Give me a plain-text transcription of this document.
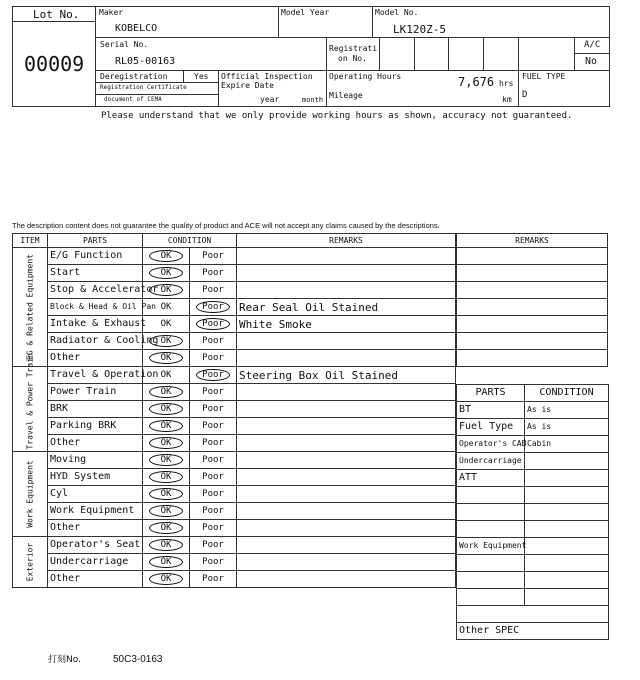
Lot No.
00009
Maker
KOBELCO
Model Year	Model No.
LK120Z-5
Serial No.
RL05-00163
Registrati
on No.
A/C
No
Deregistration	Yes
Registration Certificate
document of CEMA
Official Inspection
Expire Date
year	month
Operating Hours	7,676 hrs
Mileage	km
FUEL TYPE
D
Please understand that we only provide working hours as shown, accuracy not guaranteed.
The description content does not guarantee the quality of product and ACE will not accept any claims caused by the descriptions.
ITEM	PARTS	CONDITION		REMARKS

EG & Related Equipment	E/G Function	OK	Poor	
	Start	OK	Poor	
	Stop & Accelerator	OK	Poor	
	Block & Head & Oil Pan	OK	Poor	Rear Seal Oil Stained
	Intake & Exhaust	OK	Poor	White Smoke
	Radiator & Cooling	OK	Poor	
	Other	OK	Poor	

Travel & Power Train	Travel & Operation	OK	Poor	Steering Box Oil Stained
	Power Train	OK	Poor	
	BRK	OK	Poor	
	Parking BRK	OK	Poor	
	Other	OK	Poor	

Work Equipment	Moving	OK	Poor	
	HYD System	OK	Poor	
	Cyl	OK	Poor	
	Work Equipment	OK	Poor	
	Other	OK	Poor	

Exterior	Operator's Seat	OK	Poor	
	Undercarriage	OK	Poor	
	Other	OK	Poor	
REMARKS

PARTS	CONDITION
BT	As is
Fuel Type	As is
Operator's CAB	Cabin
Undercarriage	
ATT	

Work Equipment	

Other SPEC	
打刻No.	50C3-0163
